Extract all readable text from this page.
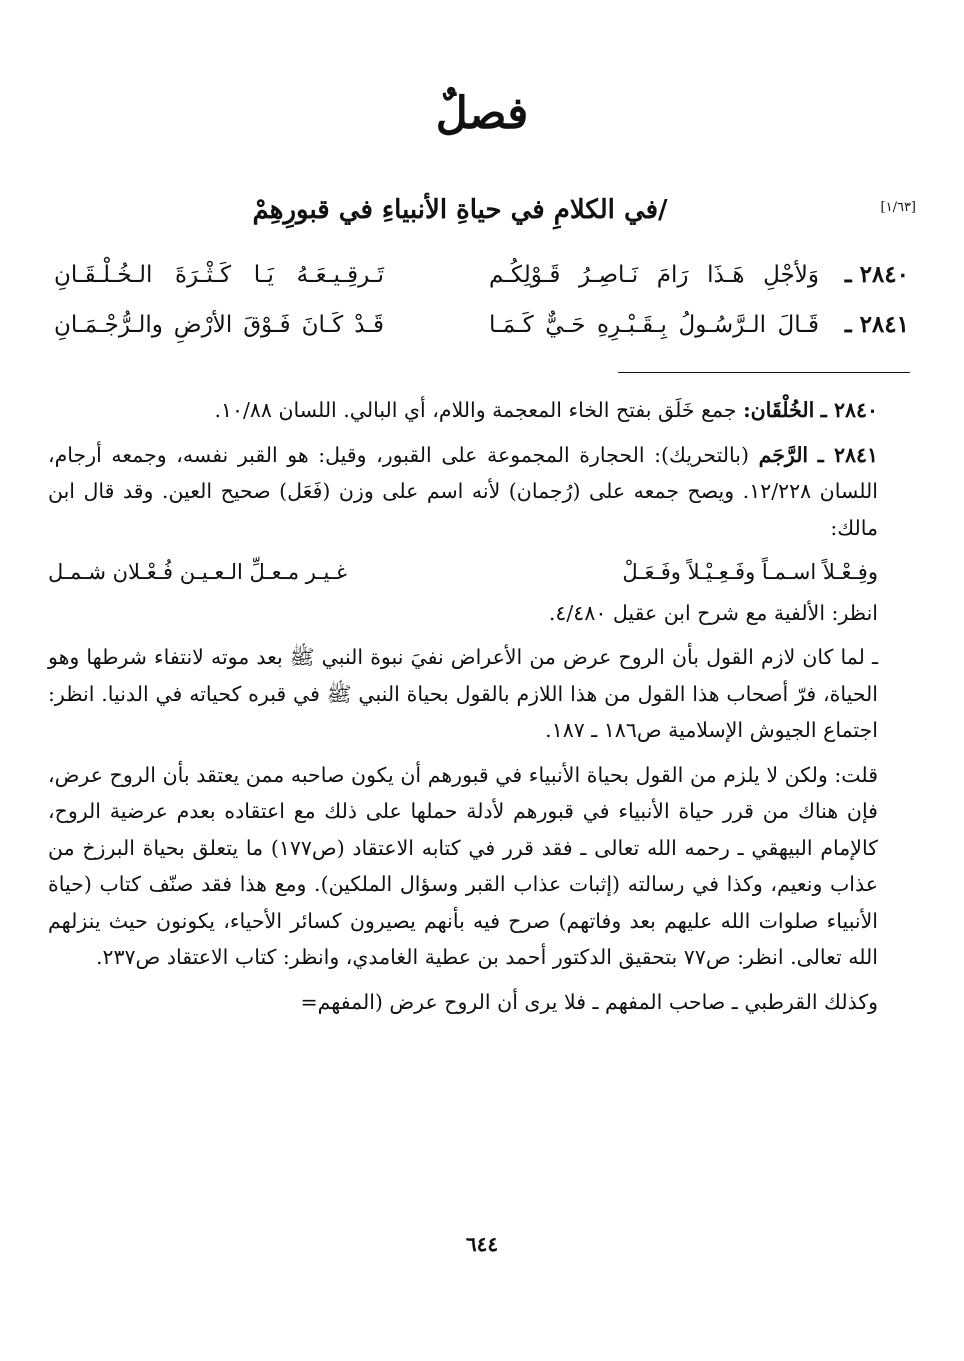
فصلٌ
/في الكلامِ في حياةِ الأنبياءِ في قبورِهِمْ	[١/٦٣]
٢٨٤٠ ـ
وَلأجْلِ هَـذَا رَامَ نَـاصِـرُ قَـوْلِكُـم
تَـرقِـيـعَـهُ يَـا كَـثْـرَةَ الـخُـلْـقَـانِ
٢٨٤١ ـ
قَـالَ الـرَّسُـولُ بِـقَـبْـرِهِ حَـيٌّ كَـمَـا
قَـدْ كَـانَ فَـوْقَ الأرْضِ والـرُّجْـمَـانِ

٢٨٤٠ ـ الخُلْقَان: جمع خَلَق بفتح الخاء المعجمة واللام، أي البالي. اللسان ١٠/٨٨.

٢٨٤١ ـ الرَّجَم (بالتحريك): الحجارة المجموعة على القبور، وقيل: هو القبر نفسه، وجمعه أرجام، اللسان ١٢/٢٢٨. ويصح جمعه على (رُجمان) لأنه اسم على وزن (فَعَل) صحيح العين. وقد قال ابن مالك:

وفِـعْـلاً اسـمـاً وفَـعِـيْـلاً وفَـعَـلْ
غـيـر مـعـلِّ الـعـيـن فُـعْـلان شـمـل

انظر: الألفية مع شرح ابن عقيل ٤/٤٨٠.

ـ لما كان لازم القول بأن الروح عرض من الأعراض نفيَ نبوة النبي ﷺ بعد موته لانتفاء شرطها وهو الحياة، فرّ أصحاب هذا القول من هذا اللازم بالقول بحياة النبي ﷺ في قبره كحياته في الدنيا. انظر: اجتماع الجيوش الإسلامية ص١٨٦ ـ ١٨٧.

قلت: ولكن لا يلزم من القول بحياة الأنبياء في قبورهم أن يكون صاحبه ممن يعتقد بأن الروح عرض، فإن هناك من قرر حياة الأنبياء في قبورهم لأدلة حملها على ذلك مع اعتقاده بعدم عرضية الروح، كالإمام البيهقي ـ رحمه الله تعالى ـ فقد قرر في كتابه الاعتقاد (ص١٧٧) ما يتعلق بحياة البرزخ من عذاب ونعيم، وكذا في رسالته (إثبات عذاب القبر وسؤال الملكين). ومع هذا فقد صنّف كتاب (حياة الأنبياء صلوات الله عليهم بعد وفاتهم) صرح فيه بأنهم يصيرون كسائر الأحياء، يكونون حيث ينزلهم الله تعالى. انظر: ص٧٧ بتحقيق الدكتور أحمد بن عطية الغامدي، وانظر: كتاب الاعتقاد ص٢٣٧.

وكذلك القرطبي ـ صاحب المفهم ـ فلا يرى أن الروح عرض (المفهم=

٦٤٤
